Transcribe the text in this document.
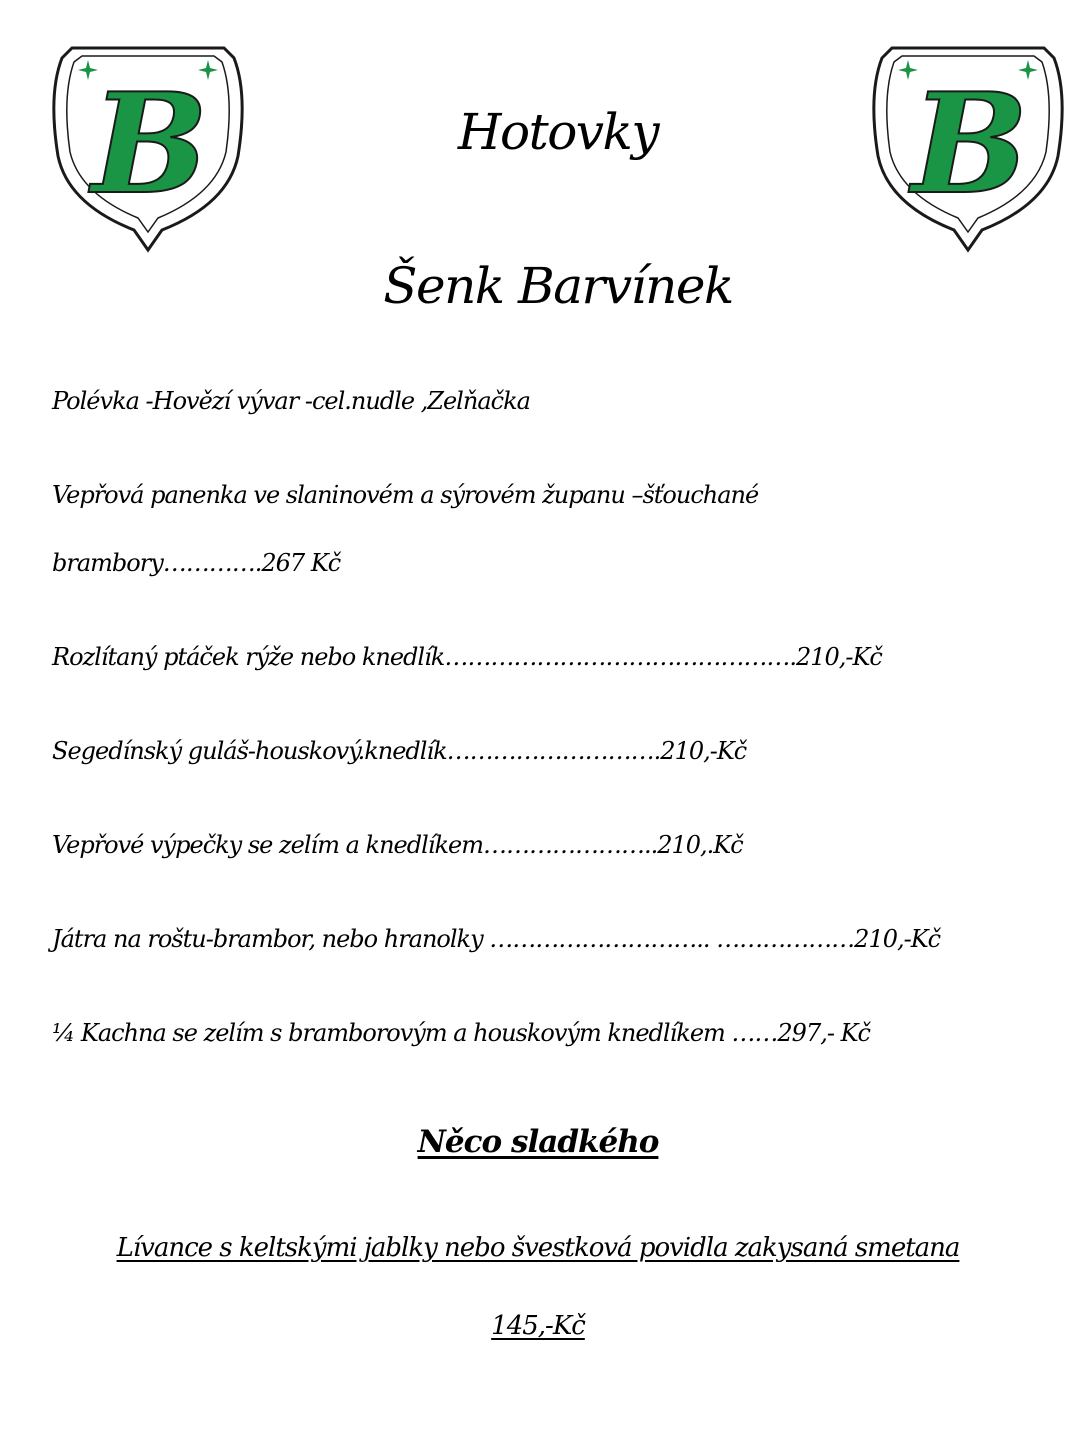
B	B
Hotovky
Šenk Barvínek

Polévka -Hovězí vývar -cel.nudle ,Zelňačka

Vepřová panenka ve slaninovém a sýrovém županu –šťouchané

brambory………….267 Kč

Rozlítaný ptáček rýže nebo knedlík……………………………………….210,-Kč

Segedínský guláš-houskový.knedlík……………………….210,-Kč

Vepřové výpečky se zelím a knedlíkem…………………..210,.Kč

Játra na roštu-brambor, nebo hranolky ……………………….. ………………210,-Kč

¼ Kachna se zelím s bramborovým a houskovým knedlíkem ……297,- Kč

Něco sladkého

Lívance s keltskými jablky nebo švestková povidla zakysaná smetana

145,-Kč
